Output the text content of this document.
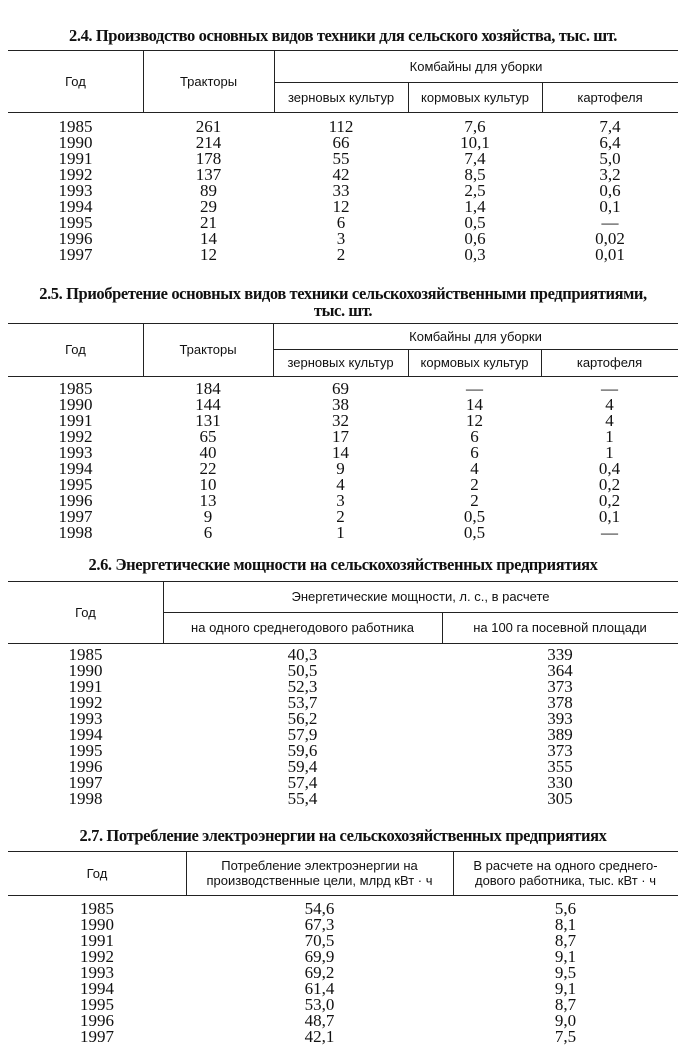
2.4. Производство основных видов техники для сельского хозяйства, тыс. шт.
Год	Тракторы
Комбайны для уборки
зерновых культур	кормовых культур	картофеля
1985	261	112	7,6	7,4
1990	214	66	10,1	6,4
1991	178	55	7,4	5,0
1992	137	42	8,5	3,2
1993	89	33	2,5	0,6
1994	29	12	1,4	0,1
1995	21	6	0,5	—
1996	14	3	0,6	0,02
1997	12	2	0,3	0,01
2.5. Приобретение основных видов техники сельскохозяйственными предприятиями,
тыс. шт.
Год	Тракторы
Комбайны для уборки
зерновых культур	кормовых культур	картофеля
1985	184	69	—	—
1990	144	38	14	4
1991	131	32	12	4
1992	65	17	6	1
1993	40	14	6	1
1994	22	9	4	0,4
1995	10	4	2	0,2
1996	13	3	2	0,2
1997	9	2	0,5	0,1
1998	6	1	0,5	—
2.6. Энергетические мощности на сельскохозяйственных предприятиях
Год
Энергетические мощности, л. с., в расчете
на одного среднегодового работника	на 100 га посевной площади
1985	40,3	339
1990	50,5	364
1991	52,3	373
1992	53,7	378
1993	56,2	393
1994	57,9	389
1995	59,6	373
1996	59,4	355
1997	57,4	330
1998	55,4	305
2.7. Потребление электроэнергии на сельскохозяйственных предприятиях
Год	Потребление электроэнергии на
производственные цели, млрд кВт · ч
В расчете на одного среднего-
дового работника, тыс. кВт · ч
1985	54,6	5,6
1990	67,3	8,1
1991	70,5	8,7
1992	69,9	9,1
1993	69,2	9,5
1994	61,4	9,1
1995	53,0	8,7
1996	48,7	9,0
1997	42,1	7,5
